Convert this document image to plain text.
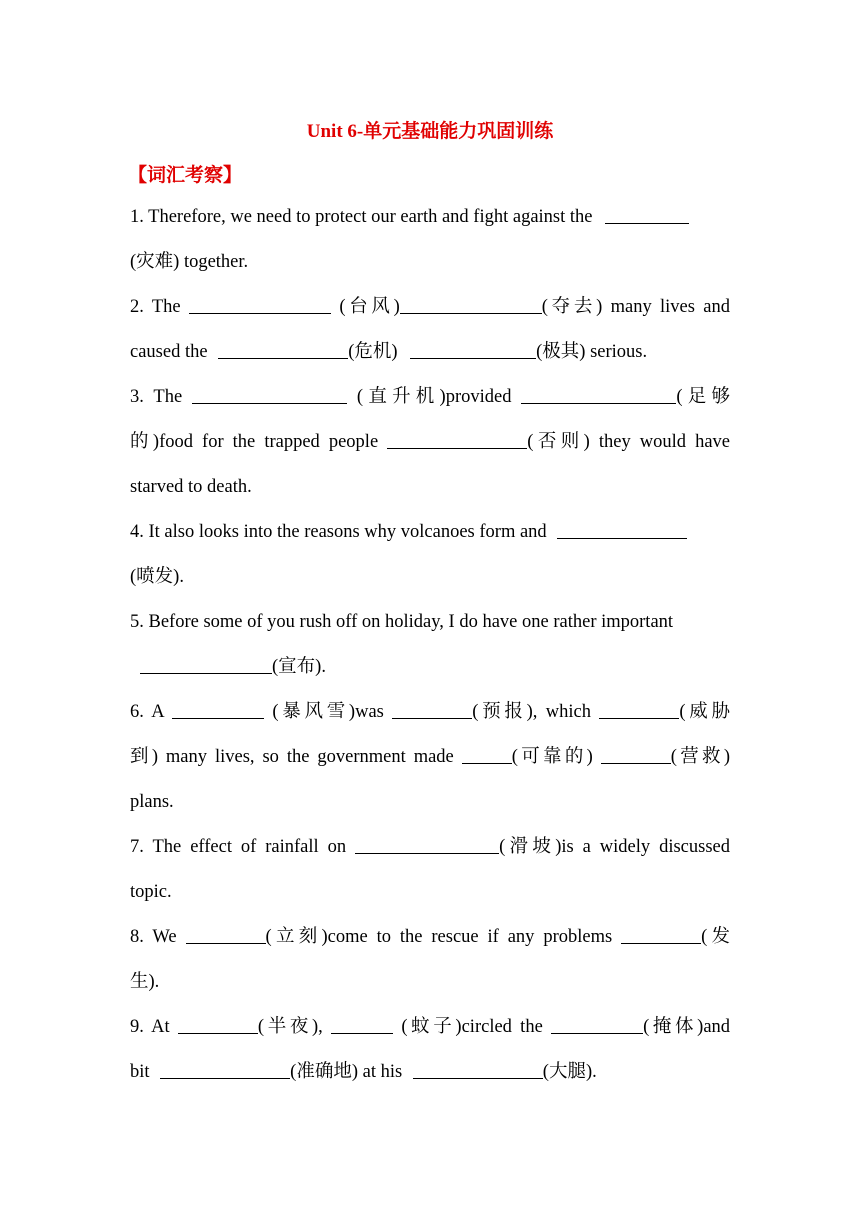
Unit 6-单元基础能力巩固训练
【词汇考察】
1. Therefore, we need to protect our earth and fight against the
(灾难) together.
2. The	(台风)	(夺去) many lives and
caused the	(危机)	(极其) serious.
3. The	(直升机)provided	(足够
的)food for the trapped people	(否则) they would have
starved to death.
4. It also looks into the reasons why volcanoes form and
(喷发).
5. Before some of you rush off on holiday, I do have one rather important
(宣布).
6. A	(暴风雪)was	(预报), which	(威胁
到) many lives, so the government made	(可靠的)	(营救)
plans.
7. The effect of rainfall on	(滑坡)is a widely discussed
topic.
8. We	(立刻)come to the rescue if any problems	(发
生).
9. At	(半夜),	(蚊子)circled the	(掩体)and
bit	(准确地) at his	(大腿).
